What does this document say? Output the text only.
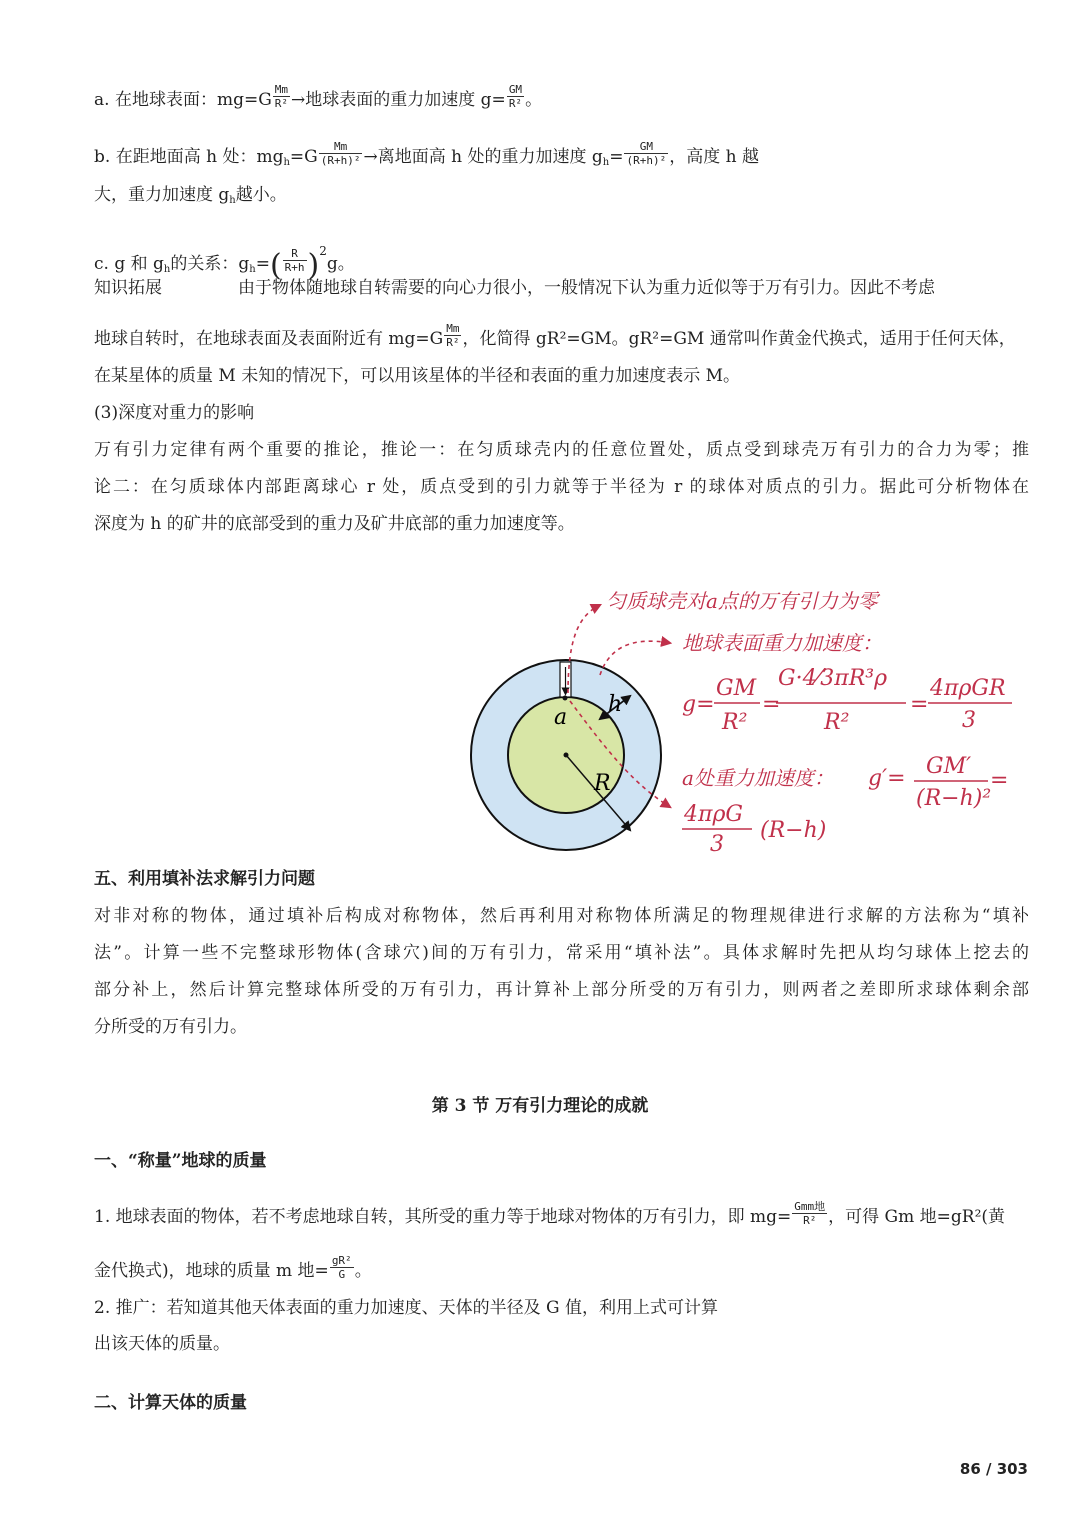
a. 在地球表面：$mg=G \frac{Mm}{\text{R²}}$ →地球表面的重力加速度 $g= \frac{GM}{\text{R²}}$ 。
b. 在距地面高 h 处：$mg_h=G \frac{Mm}{\text{(R+h)²}}$ →离地面高 h 处的重力加速度 $g_h= \frac{GM}{\text{(R+h)²}}$ ，高度 h 越
大，重力加速度 $g_h$越小。
c. g 和 $g_h$的关系：$g_h=( \frac{R}{R+h} )^2g$。
知识拓展	由于物体随地球自转需要的向心力很小，一般情况下认为重力近似等于万有引力。因此不考虑
地球自转时，在地球表面及表面附近有 $mg=G \frac{Mm}{\text{R²}}$ ，化简得 gR²=GM。gR²=GM 通常叫作黄金代换式，适用于任何天体，
在某星体的质量 M 未知的情况下，可以用该星体的半径和表面的重力加速度表示 M。
(3)深度对重力的影响
万有引力定律有两个重要的推论，推论一：在匀质球壳内的任意位置处，质点受到球壳万有引力的合力为零；推
论二：在匀质球体内部距离球心 r 处，质点受到的引力就等于半径为 r 的球体对质点的引力。据此可分析物体在
深度为 h 的矿井的底部受到的重力及矿井底部的重力加速度等。
a
h
R
匀质球壳对a点的万有引力为零
地球表面重力加速度：
g=
GM
R²
=
G·4⁄3πR³ρ
R²
=
4πρGR
3
a处重力加速度： g′= GM′
(R−h)²
=
4πρG
3
(R−h)
五、利用填补法求解引力问题
对非对称的物体，通过填补后构成对称物体，然后再利用对称物体所满足的物理规律进行求解的方法称为“填补
法”。计算一些不完整球形物体(含球穴)间的万有引力，常采用“填补法”。具体求解时先把从均匀球体上挖去的
部分补上，然后计算完整球体所受的万有引力，再计算补上部分所受的万有引力，则两者之差即所求球体剩余部
分所受的万有引力。
第 3 节 万有引力理论的成就
一、“称量”地球的质量
1. 地球表面的物体，若不考虑地球自转，其所受的重力等于地球对物体的万有引力，即 $mg= \frac{\text{Gmm地}}{\text{R²}}$ ，可得 Gm 地=gR²(黄
金代换式)，地球的质量 m 地= $\frac{\text{gR²}}{G}$ 。
2. 推广：若知道其他天体表面的重力加速度、天体的半径及 G 值，利用上式可计算
出该天体的质量。
二、计算天体的质量
86 / 303
